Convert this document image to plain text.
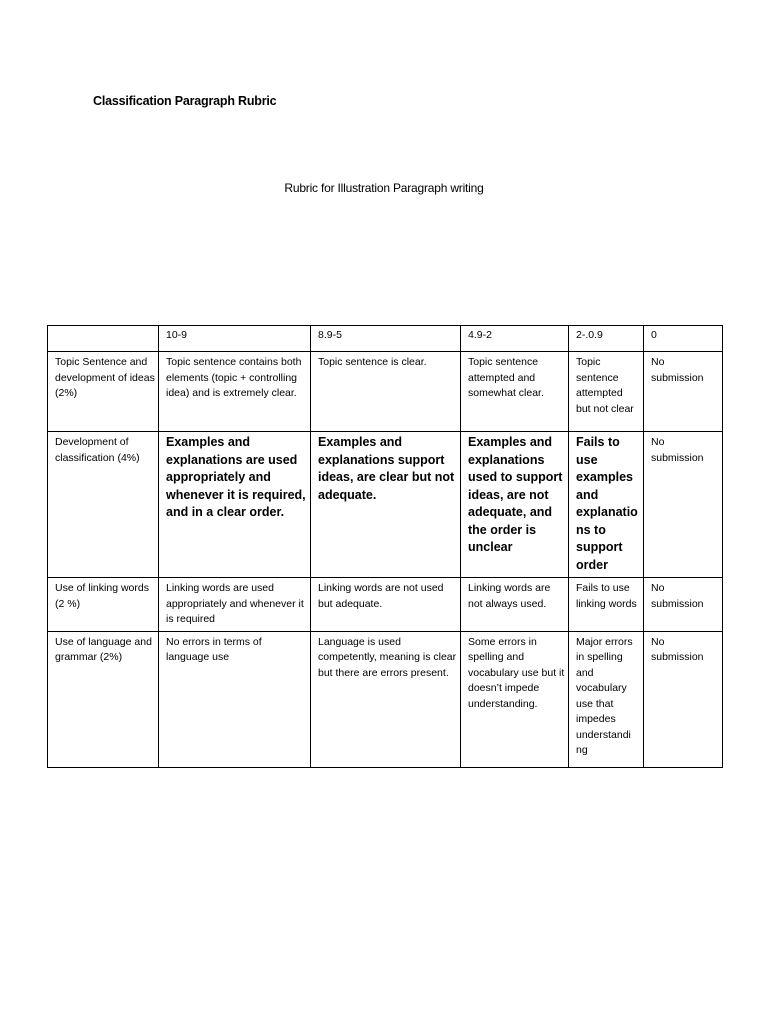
Classification Paragraph Rubric
Rubric for Illustration Paragraph writing
	10-9	8.9-5	4.9-2	2-.0.9	0
Topic Sentence and development of ideas (2%)	Topic sentence contains both elements (topic + controlling idea) and is extremely clear.	Topic sentence is clear.	Topic sentence attempted and somewhat clear.	Topic sentence attempted but not clear	No submission
Development of classification (4%)	Examples and explanations are used appropriately and whenever it is required, and in a clear order.	Examples and explanations support ideas, are clear but not adequate.	Examples and explanations used to support ideas, are not adequate, and the order is unclear	Fails to use examples and explanatio ns to support order	No submission
Use of linking words (2 %)	Linking words are used appropriately and whenever it is required	Linking words are not used but adequate.	Linking words are not always used.	Fails to use linking words	No submission
Use of language and grammar (2%)	No errors in terms of language use	Language is used competently, meaning is clear but there are errors present.	Some errors in spelling and vocabulary use but it doesn’t impede understanding.	Major errors in spelling and vocabulary use that impedes understandi ng	No submission
